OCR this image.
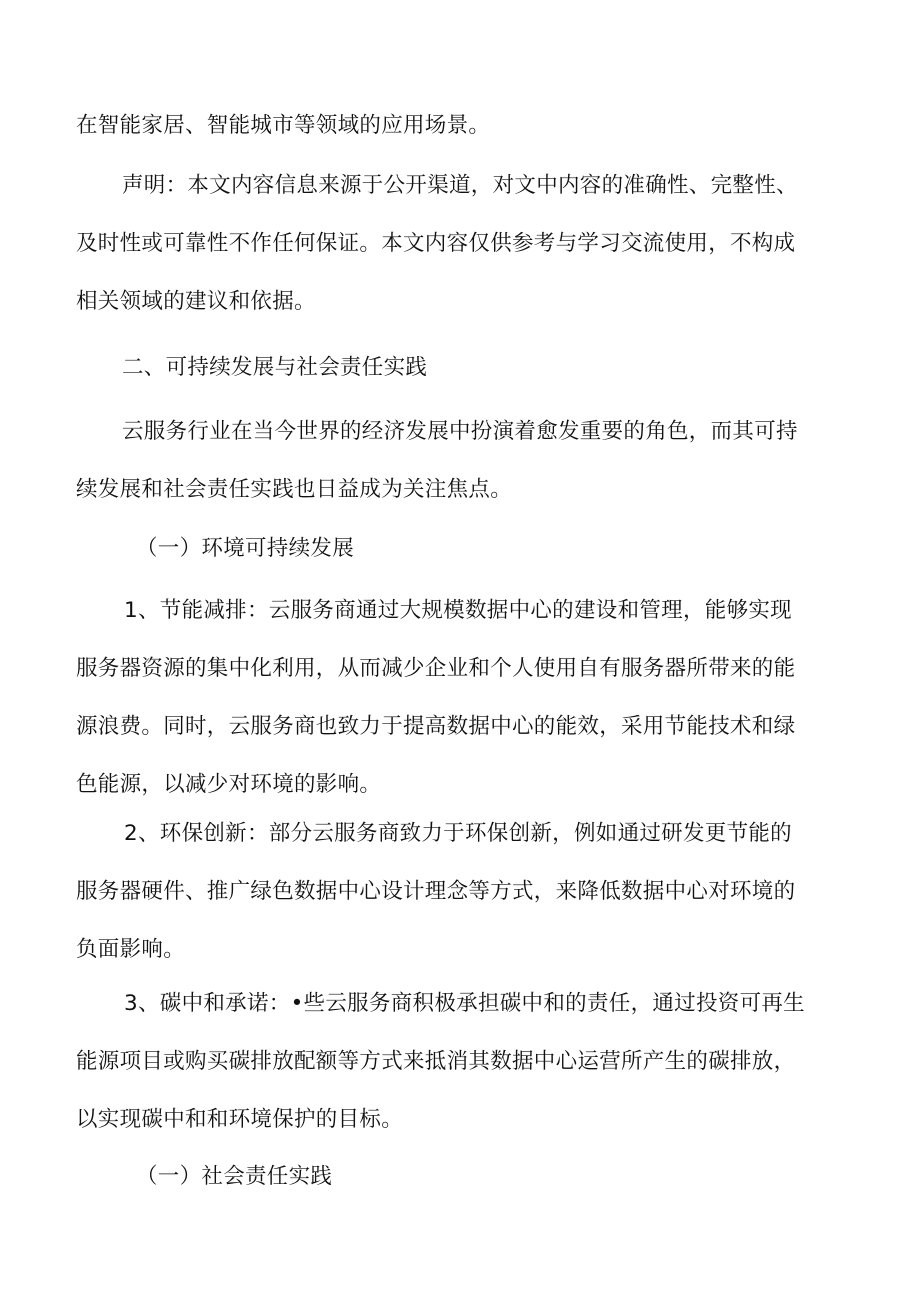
在智能家居、智能城市等领域的应用场景。
声明：本文内容信息来源于公开渠道，对文中内容的准确性、完整性、
及时性或可靠性不作任何保证。本文内容仅供参考与学习交流使用，不构成
相关领域的建议和依据。
二、可持续发展与社会责任实践
云服务行业在当今世界的经济发展中扮演着愈发重要的角色，而其可持
续发展和社会责任实践也日益成为关注焦点。
（一）环境可持续发展
1、节能减排：云服务商通过大规模数据中心的建设和管理，能够实现
服务器资源的集中化利用，从而减少企业和个人使用自有服务器所带来的能
源浪费。同时，云服务商也致力于提高数据中心的能效，采用节能技术和绿
色能源，以减少对环境的影响。
2、环保创新：部分云服务商致力于环保创新，例如通过研发更节能的
服务器硬件、推广绿色数据中心设计理念等方式，来降低数据中心对环境的
负面影响。
3、碳中和承诺：•些云服务商积极承担碳中和的责任，通过投资可再生
能源项目或购买碳排放配额等方式来抵消其数据中心运营所产生的碳排放，
以实现碳中和和环境保护的目标。
（一）社会责任实践
